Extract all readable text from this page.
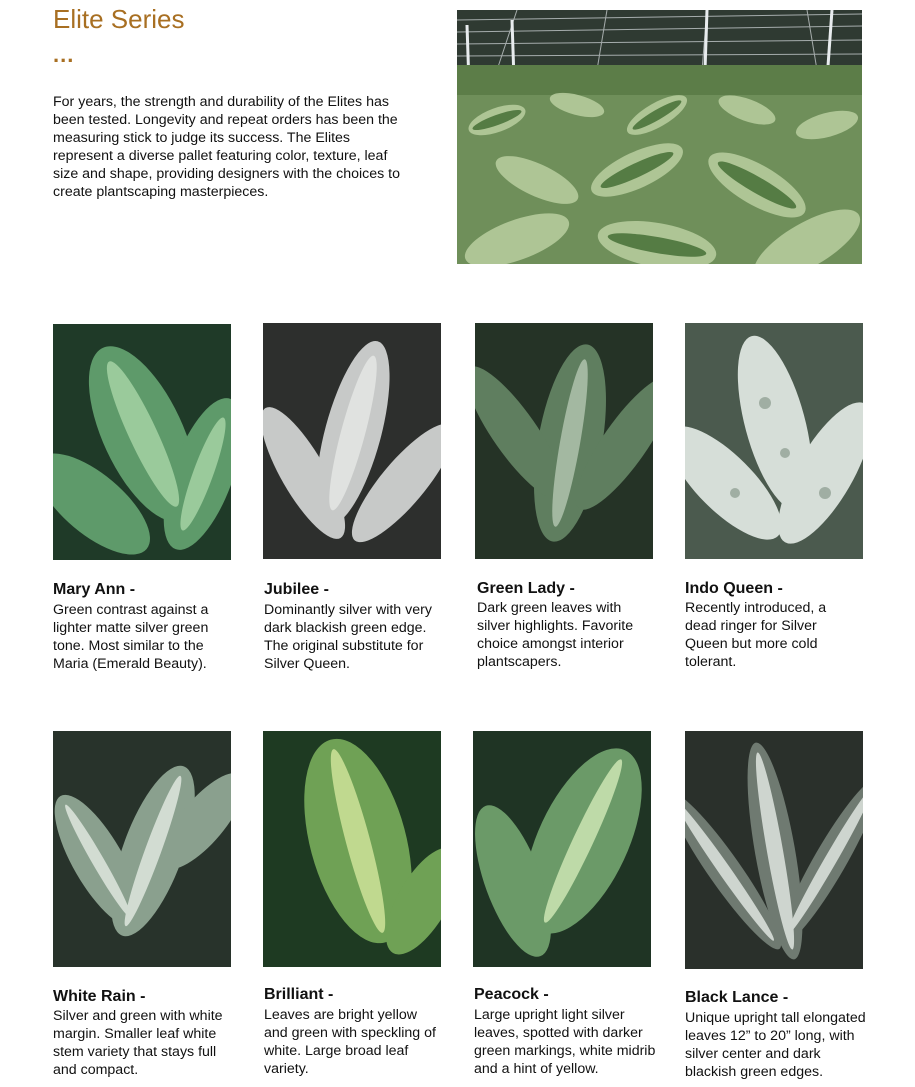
Elite Series
...

For years, the strength and durability of the Elites has been tested. Longevity and repeat orders has been the measuring stick to judge its success. The Elites represent a diverse pallet featuring color, texture, leaf size and shape, providing designers with the choices to create plantscaping masterpieces.

Mary Ann -

Green contrast against a lighter matte silver green tone. Most similar to the Maria (Emerald Beauty).

Jubilee -

Dominantly silver with very dark blackish green edge. The original substitute for Silver Queen.

Green Lady -

Dark green leaves with silver highlights. Favorite choice amongst interior plantscapers.

Indo Queen -

Recently introduced, a dead ringer for Silver Queen but more cold tolerant.

White Rain -

Silver and green with white margin. Smaller leaf white stem variety that stays full and compact.

Brilliant -

Leaves are bright yellow and green with speckling of white. Large broad leaf variety.

Peacock -

Large upright light silver leaves, spotted with darker green markings, white midrib and a hint of yellow.

Black Lance -

Unique upright tall elongated leaves 12” to 20” long, with silver center and dark blackish green edges.
